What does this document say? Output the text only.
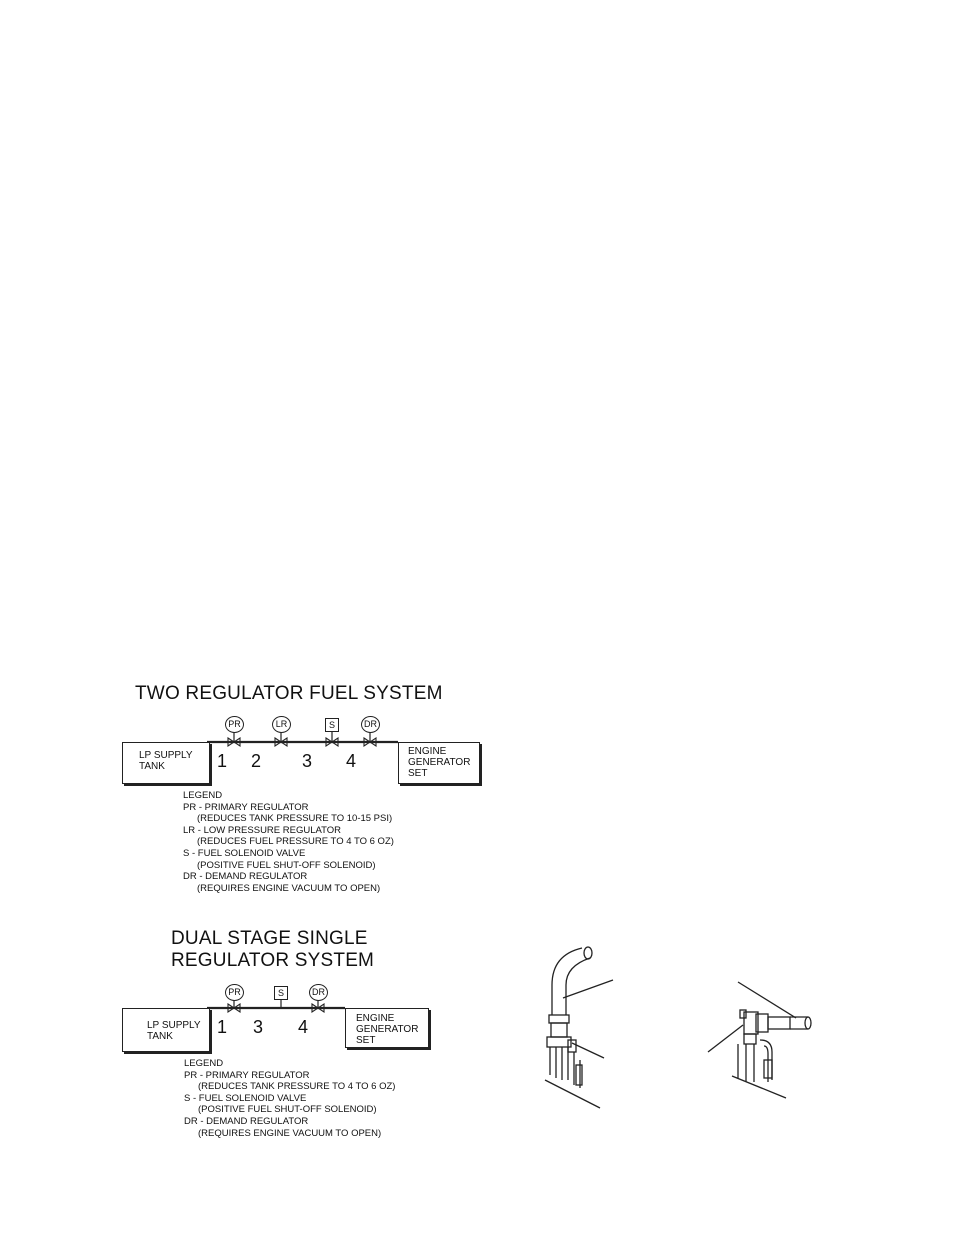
TWO REGULATOR FUEL SYSTEM
LP SUPPLY
TANK
ENGINE
GENERATOR
SET
PR	LR	S	DR
1 2 3 4
LEGEND
PR - PRIMARY REGULATOR
(REDUCES TANK PRESSURE TO 10-15 PSI)
LR - LOW PRESSURE REGULATOR
(REDUCES FUEL PRESSURE TO 4 TO 6 OZ)
S - FUEL SOLENOID VALVE
(POSITIVE FUEL SHUT-OFF SOLENOID)
DR - DEMAND REGULATOR
(REQUIRES ENGINE VACUUM TO OPEN)
DUAL STAGE SINGLE
REGULATOR SYSTEM
LP SUPPLY
TANK
ENGINE
GENERATOR
SET
PR	S	DR
1 3 4
LEGEND
PR - PRIMARY REGULATOR
(REDUCES TANK PRESSURE TO 4 TO 6 OZ)
S - FUEL SOLENOID VALVE
(POSITIVE FUEL SHUT-OFF SOLENOID)
DR - DEMAND REGULATOR
(REQUIRES ENGINE VACUUM TO OPEN)
